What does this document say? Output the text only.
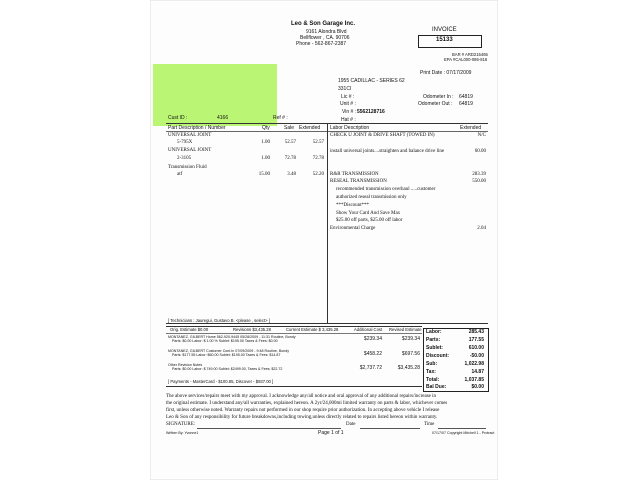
Leo & Son Garage Inc.
9161 Alondra Blvd
Bellflower , CA. 90706
Phone - 562-867-2387
INVOICE
15133
BAR # ARD215465
EPA #CAL000-086-816
Print Date : 07/17/2009
1955 CADILLAC - SERIES 62
331CI
Lic # :
Unit # :
Vin # : 5562128716
Hat # :
Odometer In : 64819
Odometer Out : 64819
Cust ID :	4166	Ref # :
Part Description / Number	Qty	Sale Extended Labor Description	Extended
UNIVERSAL JOINT
5-795X	1.00	52.57	52.57
UNIVERSAL JOINT
2-3105	1.00	72.78	72.78
Transmission Fluid
atf	15.00	3.48	52.20
CHECK U JOINT & DRIVE SHAFT (TOWED IN)	N/C
install universal joints....straighten and balance drive line	60.00
R&R TRANSMISSION	283.39
RESEAL TRANSMISSION	550.00
recommended transmission overhaul .....customer
authorized reseal transmission only
***Discount***
Show Your Card And Save Max
$25.00 off parts, $25.00 off labor
Environmental Charge	2.04
[ Technicians : Jauregui, Gustavo B. <please , select> ]
Orig. Estimate $0.00	Revisions $3,435.28	Current Estimate $ 3,435.28	Additional Cost Revised Estimate
MONTANEZ, GILBERT Home 562-920-9445 05/28/2009 - 11:31 Routine, Bondy
Parts: $0.00 Labor: $ 1.00 % Sublet: $195.00 Taxes & Fees: $0.00	$239.34	$239.34
MONTANEZ, GILBERT Customer Cont.In 07/09/2009 - 9:48 Routine, Bondy
Parts: $177.55 Labor: $60.00 Sublet: $195.00 Taxes & Fees: $14.87	$458.22	$697.56
Other Revision Notes
Parts: $0.00 Labor: $ 749.00 Sublet: $2499.00, Taxes & Fees: $22.72	$2,737.72	$3,435.28
[ Payments - MasterCard - $100.85, Discover - $937.00 ]
Labor:	285.43
Parts:	177.55
Sublet:	610.00
Discount:	-50.00
Sub:	1,022.98
Tax:	14.87
Total:	1,037.85
Bal Due:	$0.00
The above services/repairs meet with my approval. I acknowledge any/all notice and oral approval of any additional repairs/increase in
the original estimate. I understand any/all warranties, explained hereon. A 2yr/24,000mi limited warranty on parts & labor, whichever comes
first, unless otherwise noted. Warranty repairs not performed in our shop require prior authorization. In accepting above vehicle I release
Leo & Son of any responsibility for future breakdowns,including towing,unless directly related to repairs listed hereon within warranty.
SIGNATURE:	Date	Time
Written By: Yvonne1	Page 1 of 1	07/17/07 Copyright Mitchell 1 - Protract
